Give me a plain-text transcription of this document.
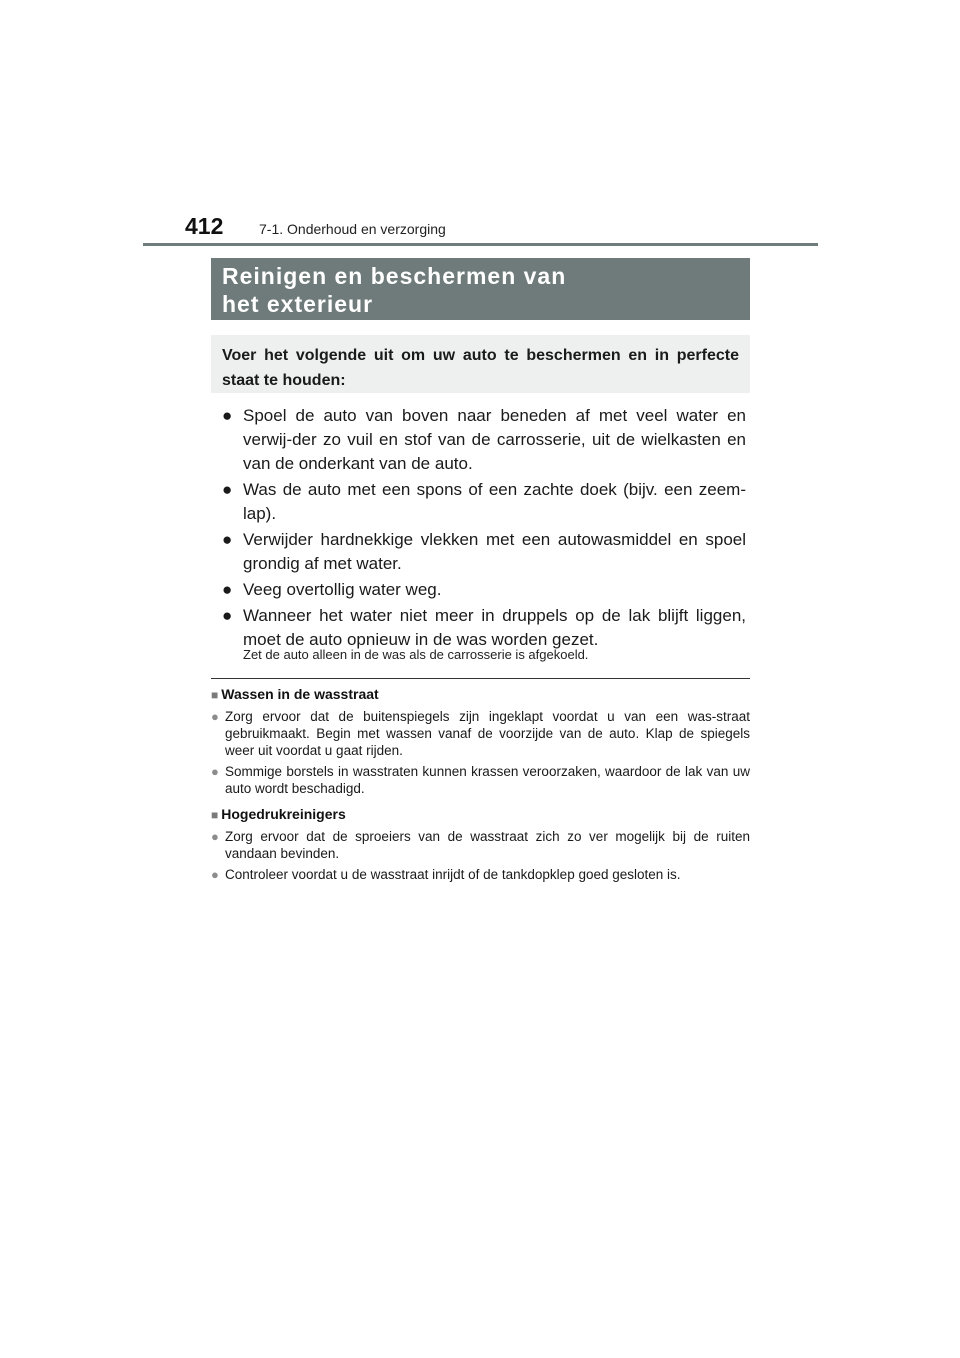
412	7-1. Onderhoud en verzorging
Reinigen en beschermen van
het exterieur
Voer het volgende uit om uw auto te beschermen en in perfecte staat te houden:
● Spoel de auto van boven naar beneden af met veel water en verwij-der zo vuil en stof van de carrosserie, uit de wielkasten en van de onderkant van de auto.
● Was de auto met een spons of een zachte doek (bijv. een zeem-lap).
● Verwijder hardnekkige vlekken met een autowasmiddel en spoel grondig af met water.
● Veeg overtollig water weg.
● Wanneer het water niet meer in druppels op de lak blijft liggen, moet de auto opnieuw in de was worden gezet.
Zet de auto alleen in de was als de carrosserie is afgekoeld.
■ Wassen in de wasstraat
● Zorg ervoor dat de buitenspiegels zijn ingeklapt voordat u van een was-straat gebruikmaakt. Begin met wassen vanaf de voorzijde van de auto. Klap de spiegels weer uit voordat u gaat rijden.
● Sommige borstels in wasstraten kunnen krassen veroorzaken, waardoor de lak van uw auto wordt beschadigd.
■ Hogedrukreinigers
● Zorg ervoor dat de sproeiers van de wasstraat zich zo ver mogelijk bij de ruiten vandaan bevinden.
● Controleer voordat u de wasstraat inrijdt of de tankdopklep goed gesloten is.
